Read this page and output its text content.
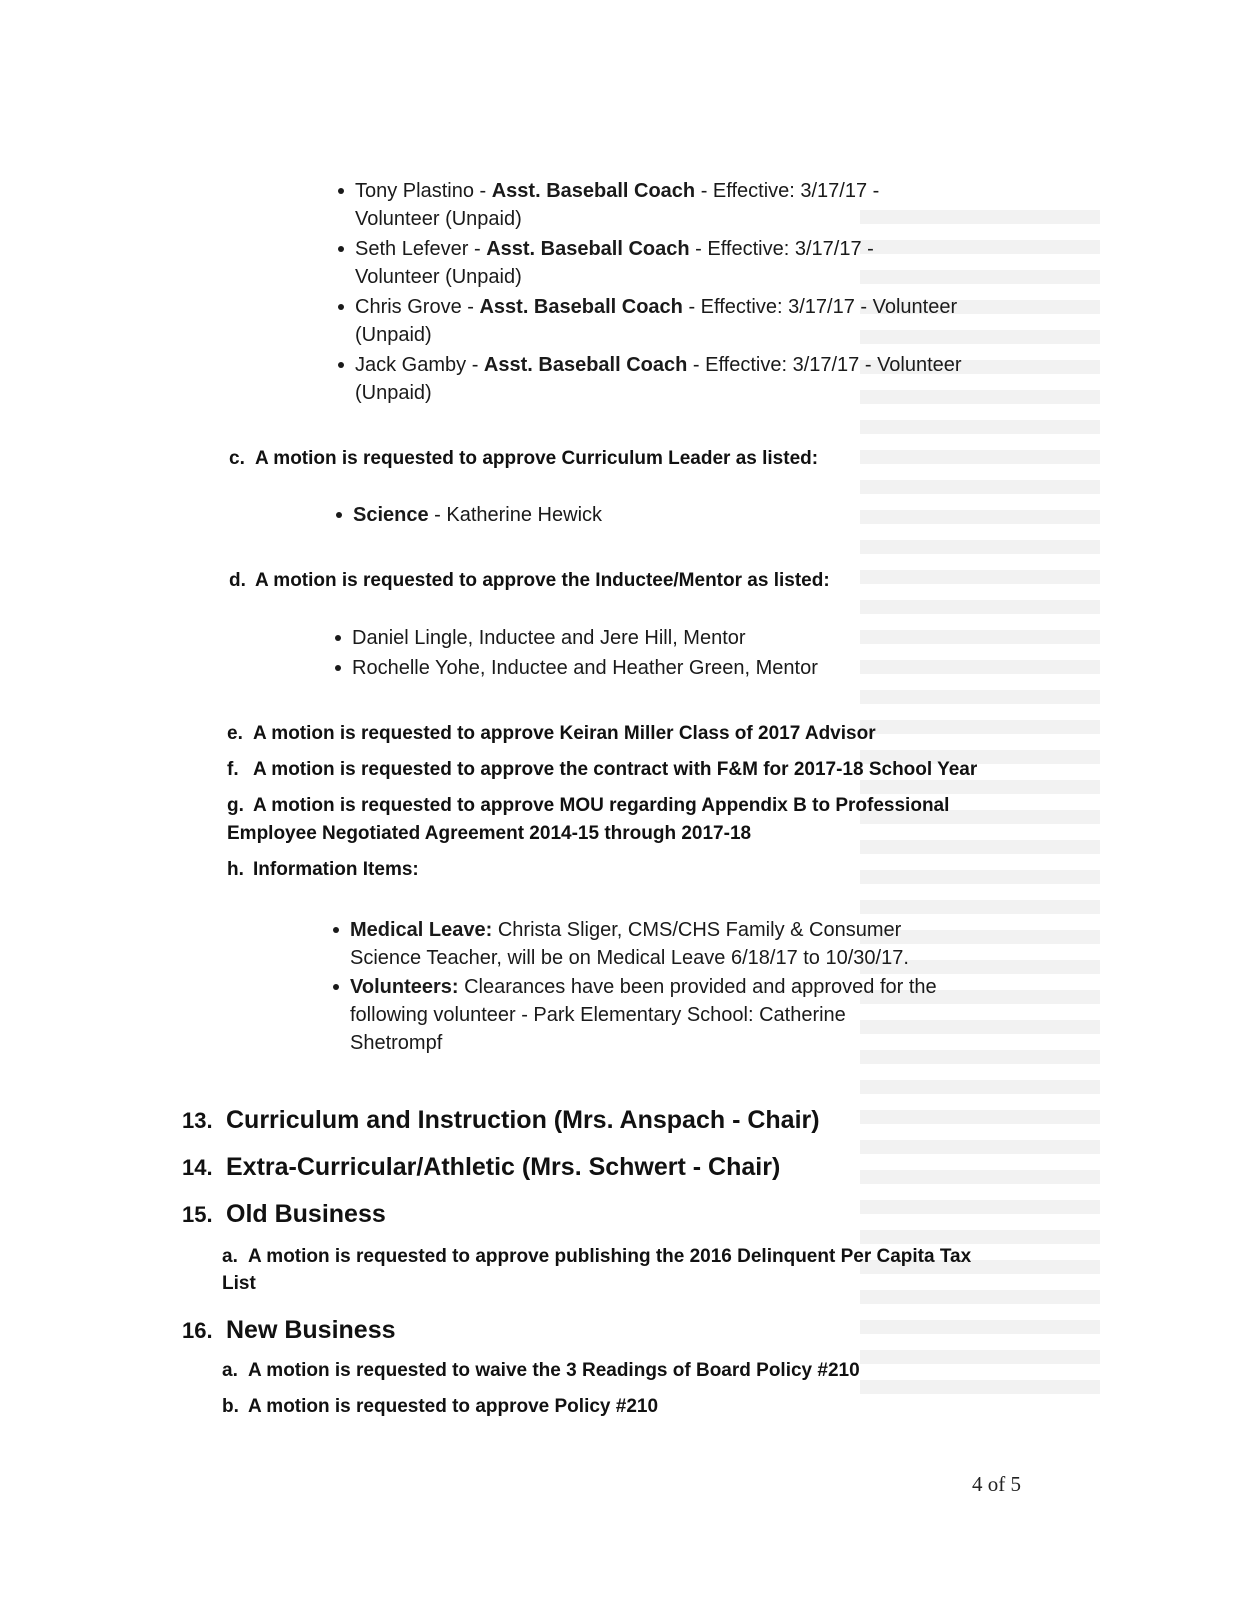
Tony Plastino - Asst. Baseball Coach - Effective: 3/17/17 -
Volunteer (Unpaid)
Seth Lefever - Asst. Baseball Coach - Effective: 3/17/17 -
Volunteer (Unpaid)
Chris Grove - Asst. Baseball Coach - Effective: 3/17/17 - Volunteer
(Unpaid)
Jack Gamby - Asst. Baseball Coach - Effective: 3/17/17 - Volunteer
(Unpaid)
c. A motion is requested to approve Curriculum Leader as listed:
Science - Katherine Hewick
d. A motion is requested to approve the Inductee/Mentor as listed:
Daniel Lingle, Inductee and Jere Hill, Mentor
Rochelle Yohe, Inductee and Heather Green, Mentor
e. A motion is requested to approve Keiran Miller Class of 2017 Advisor
f. A motion is requested to approve the contract with F&M for 2017-18 School Year
g. A motion is requested to approve MOU regarding Appendix B to Professional
Employee Negotiated Agreement 2014-15 through 2017-18
h. Information Items:
Medical Leave: Christa Sliger, CMS/CHS Family & Consumer
Science Teacher, will be on Medical Leave 6/18/17 to 10/30/17.
Volunteers: Clearances have been provided and approved for the
following volunteer - Park Elementary School: Catherine
Shetrompf
13. Curriculum and Instruction (Mrs. Anspach - Chair)
14. Extra-Curricular/Athletic (Mrs. Schwert - Chair)
15. Old Business
a. A motion is requested to approve publishing the 2016 Delinquent Per Capita Tax
List
16. New Business
a. A motion is requested to waive the 3 Readings of Board Policy #210
b. A motion is requested to approve Policy #210
4 of 5
